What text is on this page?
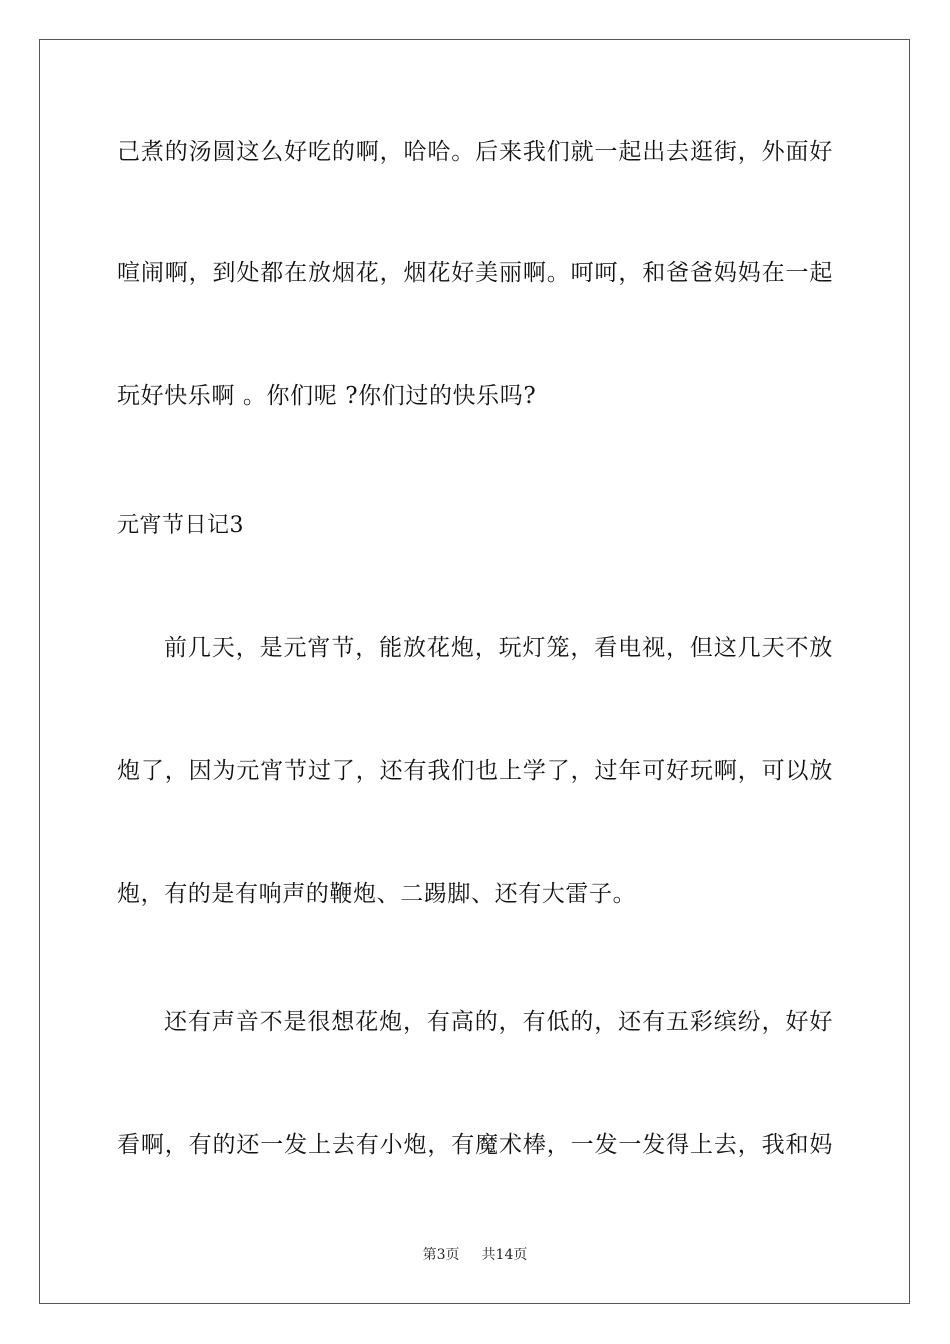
己煮的汤圆这么好吃的啊，哈哈。后来我们就一起出去逛街，外面好
喧闹啊，到处都在放烟花，烟花好美丽啊。呵呵，和爸爸妈妈在一起
玩好快乐啊 。你们呢 ?你们过的快乐吗?
元宵节日记3
前几天，是元宵节，能放花炮，玩灯笼，看电视，但这几天不放
炮了，因为元宵节过了，还有我们也上学了，过年可好玩啊，可以放
炮，有的是有响声的鞭炮、二踢脚、还有大雷子。
还有声音不是很想花炮，有高的，有低的，还有五彩缤纷，好好
看啊，有的还一发上去有小炮，有魔术棒，一发一发得上去，我和妈
第3页 共14页
